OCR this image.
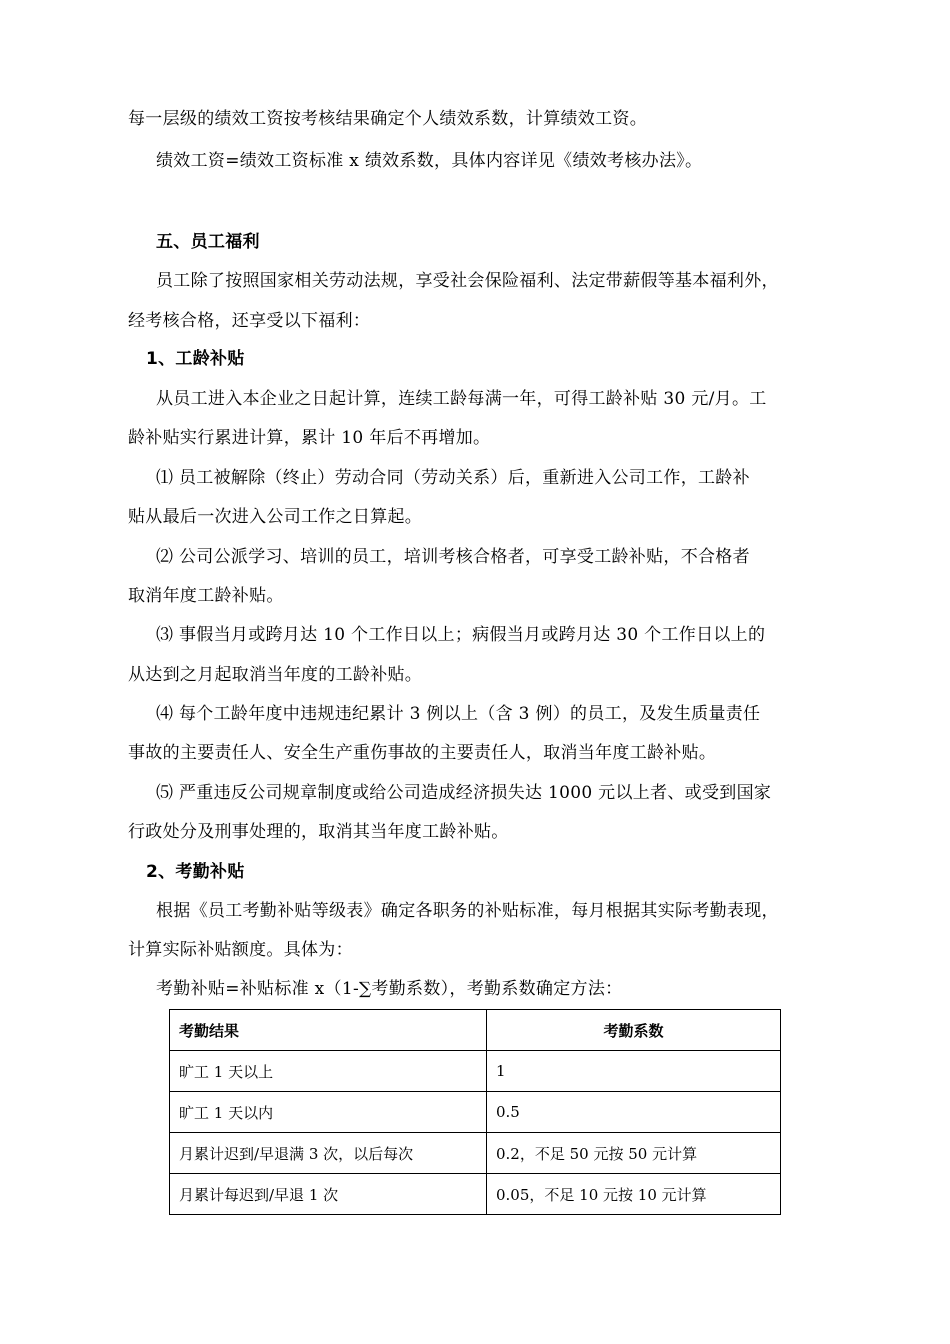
每一层级的绩效工资按考核结果确定个人绩效系数，计算绩效工资。
绩效工资=绩效工资标准 x 绩效系数，具体内容详见《绩效考核办法》。
五、员工福利
员工除了按照国家相关劳动法规，享受社会保险福利、法定带薪假等基本福利外，
经考核合格，还享受以下福利：
1、工龄补贴
从员工进入本企业之日起计算，连续工龄每满一年，可得工龄补贴 30 元/月。工
龄补贴实行累进计算，累计 10 年后不再增加。
⑴ 员工被解除（终止）劳动合同（劳动关系）后，重新进入公司工作，工龄补
贴从最后一次进入公司工作之日算起。
⑵ 公司公派学习、培训的员工，培训考核合格者，可享受工龄补贴，不合格者
取消年度工龄补贴。
⑶ 事假当月或跨月达 10 个工作日以上；病假当月或跨月达 30 个工作日以上的
从达到之月起取消当年度的工龄补贴。
⑷ 每个工龄年度中违规违纪累计 3 例以上（含 3 例）的员工，及发生质量责任
事故的主要责任人、安全生产重伤事故的主要责任人，取消当年度工龄补贴。
⑸ 严重违反公司规章制度或给公司造成经济损失达 1000 元以上者、或受到国家
行政处分及刑事处理的，取消其当年度工龄补贴。
2、考勤补贴
根据《员工考勤补贴等级表》确定各职务的补贴标准，每月根据其实际考勤表现，
计算实际补贴额度。具体为：
考勤补贴=补贴标准 x（1-∑考勤系数），考勤系数确定方法：
考勤结果	考勤系数
旷工 1 天以上	1
旷工 1 天以内	0.5
月累计迟到/早退满 3 次，以后每次	0.2，不足 50 元按 50 元计算
月累计每迟到/早退 1 次	0.05，不足 10 元按 10 元计算
